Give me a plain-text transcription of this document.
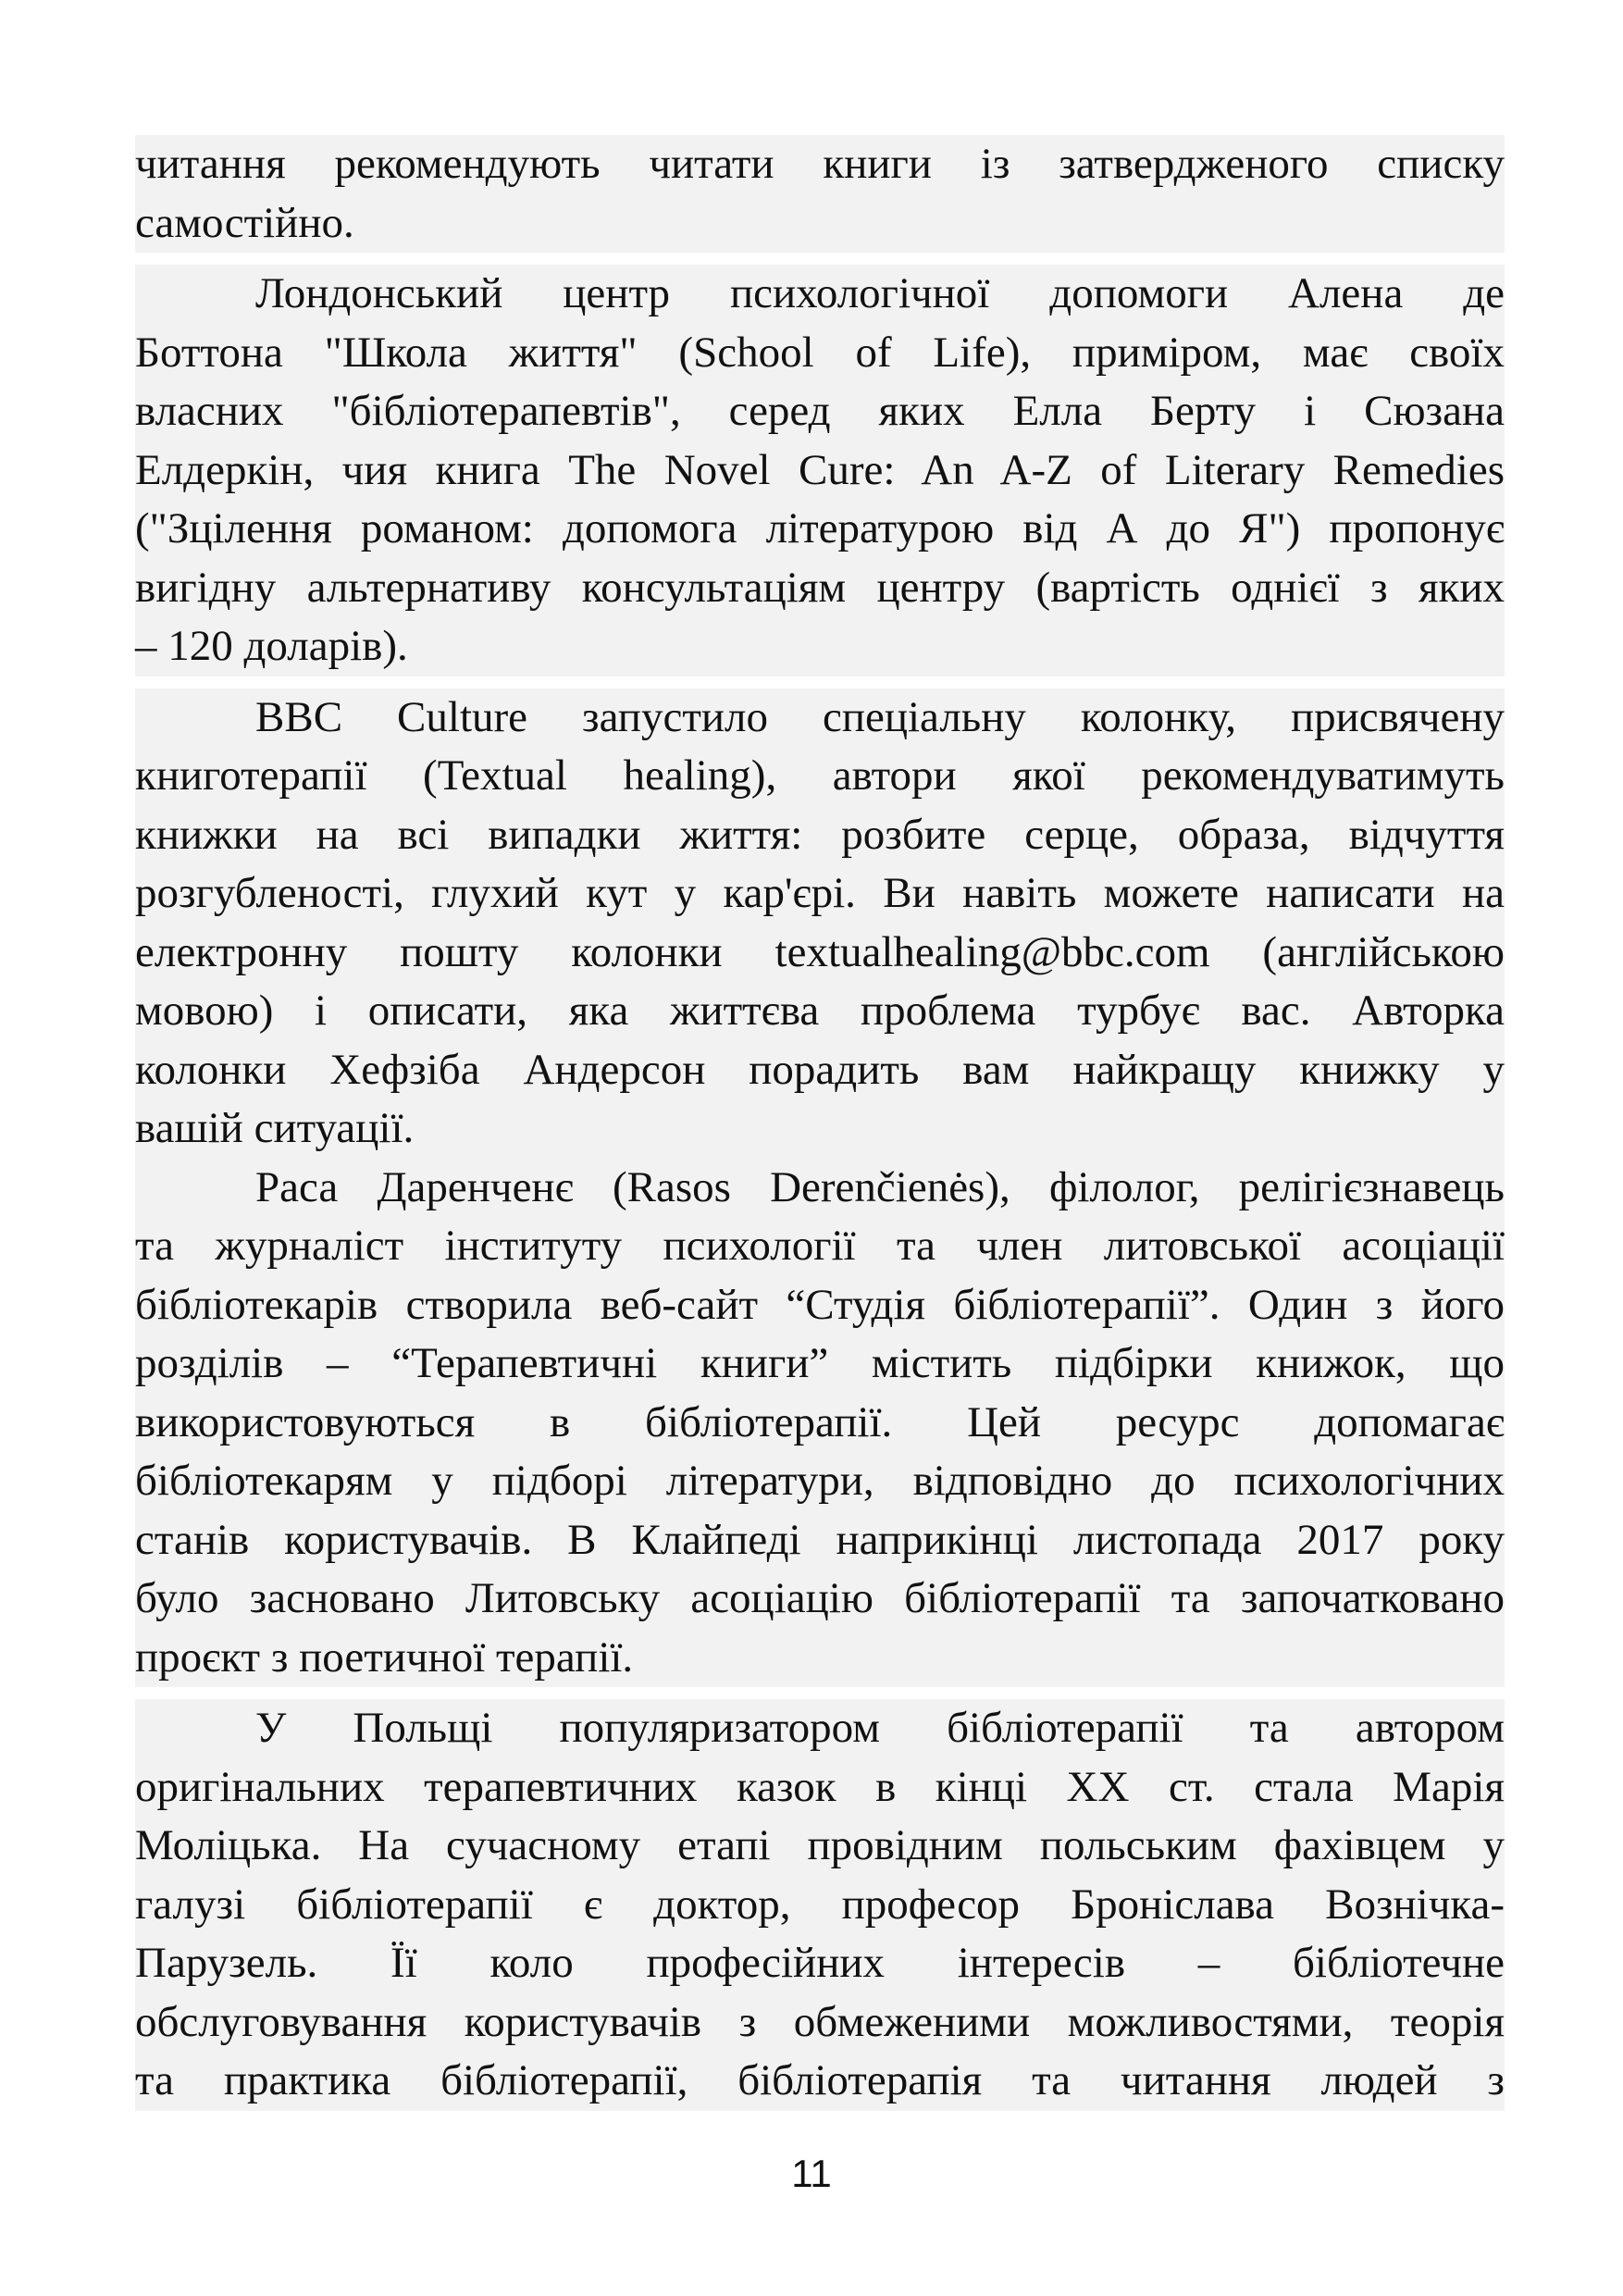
читання рекомендують читати книги із затвердженого списку
самостійно.
Лондонський центр психологічної допомоги Алена де
Боттона "Школа життя" (School of Life), приміром, має своїх
власних "бібліотерапевтів", серед яких Елла Берту і Сюзана
Елдеркін, чия книга The Novel Cure: An A-Z of Literary Remedies
("Зцілення романом: допомога літературою від А до Я") пропонує
вигідну альтернативу консультаціям центру (вартість однієї з яких
– 120 доларів).
BBC Culture запустило спеціальну колонку, присвячену
книготерапії (Textual healing), автори якої рекомендуватимуть
книжки на всі випадки життя: розбите серце, образа, відчуття
розгубленості, глухий кут у кар'єрі. Ви навіть можете написати на
електронну пошту колонки textualhealing@bbc.com (англійською
мовою) і описати, яка життєва проблема турбує вас. Авторка
колонки Хефзіба Андерсон порадить вам найкращу книжку у
вашій ситуації.
Раса Даренченє (Rasos Derenčienės), філолог, релігієзнавець
та журналіст інституту психології та член литовської асоціації
бібліотекарів створила веб-сайт “Студія бібліотерапії”. Один з його
розділів – “Терапевтичні книги” містить підбірки книжок, що
використовуються в бібліотерапії. Цей ресурс допомагає
бібліотекарям у підборі літератури, відповідно до психологічних
станів користувачів. В Клайпеді наприкінці листопада 2017 року
було засновано Литовську асоціацію бібліотерапії та започатковано
проєкт з поетичної терапії.
У Польщі популяризатором бібліотерапії та автором
оригінальних терапевтичних казок в кінці ХХ ст. стала Марія
Моліцька. На сучасному етапі провідним польським фахівцем у
галузі бібліотерапії є доктор, професор Броніслава Вознічка-
Парузель. Її коло професійних інтересів – бібліотечне
обслуговування користувачів з обмеженими можливостями, теорія
та практика бібліотерапії, бібліотерапія та читання людей з
11
